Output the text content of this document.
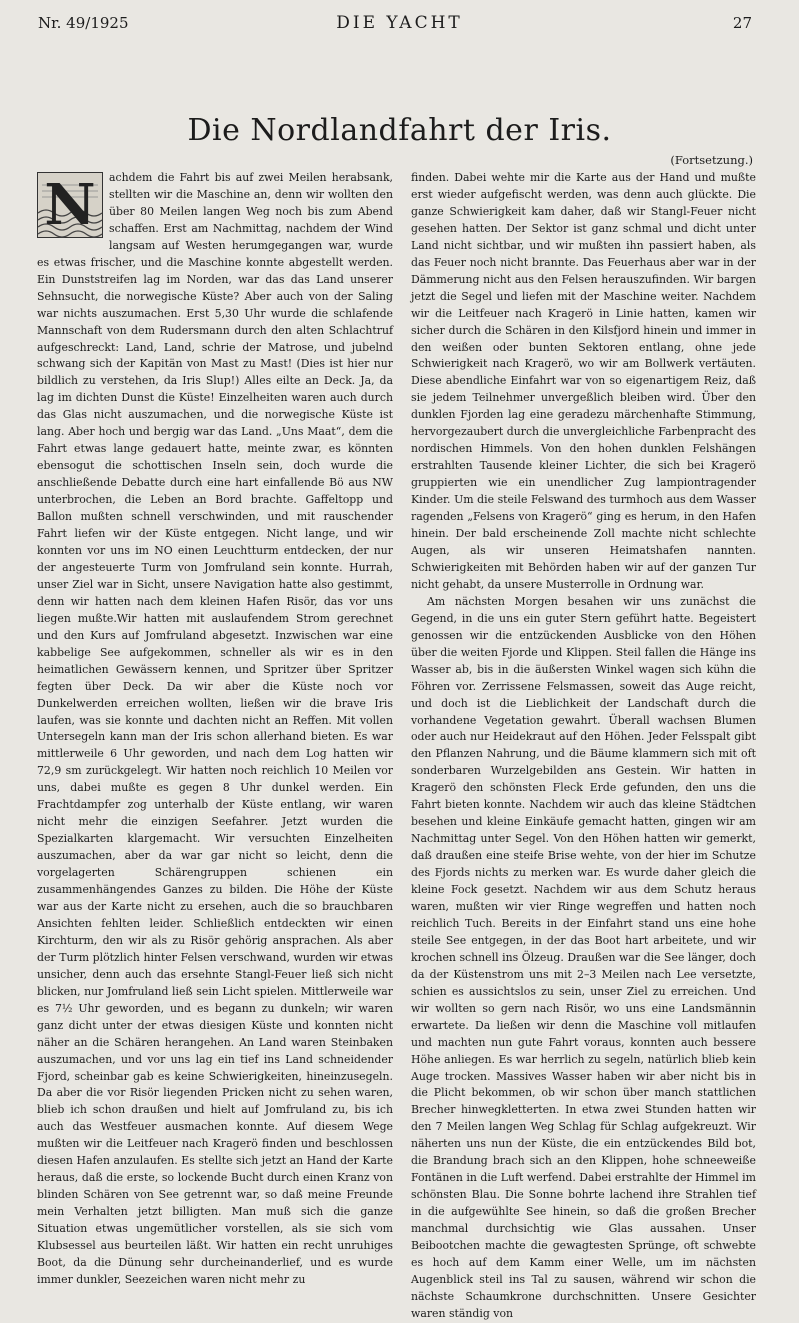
Nr. 49/1925	DIE YACHT	27
Die Nordlandfahrt der Iris.
(Fortsetzung.)
N	achdem die Fahrt bis auf zwei Meilen herabsank, stellten wir die Maschine an, denn wir wollten den über 80 Meilen langen Weg noch bis zum Abend schaffen. Erst am Nachmittag, nachdem der Wind langsam auf Westen herumgegangen war, wurde es etwas frischer, und die Maschine konnte abgestellt werden. Ein Dunststreifen lag im Norden, war das das Land unserer Sehnsucht, die norwegische Küste? Aber auch von der Saling war nichts auszumachen. Erst 5,30 Uhr wurde die schlafende Mannschaft von dem Rudersmann durch den alten Schlachtruf aufgeschreckt: Land, Land, schrie der Matrose, und jubelnd schwang sich der Kapitän von Mast zu Mast! (Dies ist hier nur bildlich zu verstehen, da Iris Slup!) Alles eilte an Deck. Ja, da lag im dichten Dunst die Küste! Einzelheiten waren auch durch das Glas nicht auszumachen, und die norwegische Küste ist lang. Aber hoch und bergig war das Land. „Uns Maat“, dem die Fahrt etwas lange gedauert hatte, meinte zwar, es könnten ebensogut die schottischen Inseln sein, doch wurde die anschließende Debatte durch eine hart einfallende Bö aus NW unterbrochen, die Leben an Bord brachte. Gaffeltopp und Ballon mußten schnell verschwinden, und mit rauschender Fahrt liefen wir der Küste entgegen. Nicht lange, und wir konnten vor uns im NO einen Leuchtturm entdecken, der nur der angesteuerte Turm von Jomfruland sein konnte. Hurrah, unser Ziel war in Sicht, unsere Navigation hatte also gestimmt, denn wir hatten nach dem kleinen Hafen Risör, das vor uns liegen mußte.Wir hatten mit auslaufendem Strom gerechnet und den Kurs auf Jomfruland abgesetzt. Inzwischen war eine kabbelige See aufgekommen, schneller als wir es in den heimatlichen Gewässern kennen, und Spritzer über Spritzer fegten über Deck. Da wir aber die Küste noch vor Dunkelwerden erreichen wollten, ließen wir die brave Iris laufen, was sie konnte und dachten nicht an Reffen. Mit vollen Untersegeln kann man der Iris schon allerhand bieten. Es war mittlerweile 6 Uhr geworden, und nach dem Log hatten wir 72,9 sm zurückgelegt. Wir hatten noch reichlich 10 Meilen vor uns, dabei mußte es gegen 8 Uhr dunkel werden. Ein Frachtdampfer zog unterhalb der Küste entlang, wir waren nicht mehr die einzigen Seefahrer. Jetzt wurden die Spezialkarten klargemacht. Wir versuchten Einzelheiten auszumachen, aber da war gar nicht so leicht, denn die vorgelagerten Schärengruppen schienen ein zusammenhängendes Ganzes zu bilden. Die Höhe der Küste war aus der Karte nicht zu ersehen, auch die so brauchbaren Ansichten fehlten leider. Schließlich entdeckten wir einen Kirchturm, den wir als zu Risör gehörig ansprachen. Als aber der Turm plötzlich hinter Felsen verschwand, wurden wir etwas unsicher, denn auch das ersehnte Stangl-Feuer ließ sich nicht blicken, nur Jomfruland ließ sein Licht spielen. Mittlerweile war es 7½ Uhr geworden, und es begann zu dunkeln; wir waren ganz dicht unter der etwas diesigen Küste und konnten nicht näher an die Schären herangehen. An Land waren Steinbaken auszumachen, und vor uns lag ein tief ins Land schneidender Fjord, scheinbar gab es keine Schwierigkeiten, hineinzusegeln. Da aber die vor Risör liegenden Pricken nicht zu sehen waren, blieb ich schon draußen und hielt auf Jomfruland zu, bis ich auch das Westfeuer ausmachen konnte. Auf diesem Wege mußten wir die Leitfeuer nach Kragerö finden und beschlossen diesen Hafen anzulaufen. Es stellte sich jetzt an Hand der Karte heraus, daß die erste, so lockende Bucht durch einen Kranz von blinden Schären von See getrennt war, so daß meine Freunde mein Verhalten jetzt billigten. Man muß sich die ganze Situation etwas ungemütlicher vorstellen, als sie sich vom Klubsessel aus beurteilen läßt. Wir hatten ein recht unruhiges Boot, da die Dünung sehr durcheinanderlief, und es wurde immer dunkler, Seezeichen waren nicht mehr zu

finden. Dabei wehte mir die Karte aus der Hand und mußte erst wieder aufgefischt werden, was denn auch glückte. Die ganze Schwierigkeit kam daher, daß wir Stangl-Feuer nicht gesehen hatten. Der Sektor ist ganz schmal und dicht unter Land nicht sichtbar, und wir mußten ihn passiert haben, als das Feuer noch nicht brannte. Das Feuerhaus aber war in der Dämmerung nicht aus den Felsen herauszufinden. Wir bargen jetzt die Segel und liefen mit der Maschine weiter. Nachdem wir die Leitfeuer nach Kragerö in Linie hatten, kamen wir sicher durch die Schären in den Kilsfjord hinein und immer in den weißen oder bunten Sektoren entlang, ohne jede Schwierigkeit nach Kragerö, wo wir am Bollwerk vertäuten. Diese abendliche Einfahrt war von so eigenartigem Reiz, daß sie jedem Teilnehmer unvergeßlich bleiben wird. Über den dunklen Fjorden lag eine geradezu märchenhafte Stimmung, hervorgezaubert durch die unvergleichliche Farbenpracht des nordischen Himmels. Von den hohen dunklen Felshängen erstrahlten Tausende kleiner Lichter, die sich bei Kragerö gruppierten wie ein unendlicher Zug lampiontragender Kinder. Um die steile Felswand des turmhoch aus dem Wasser ragenden „Felsens von Kragerö“ ging es herum, in den Hafen hinein. Der bald erscheinende Zoll machte nicht schlechte Augen, als wir unseren Heimatshafen nannten. Schwierigkeiten mit Behörden haben wir auf der ganzen Tur nicht gehabt, da unsere Musterrolle in Ordnung war.

Am nächsten Morgen besahen wir uns zunächst die Gegend, in die uns ein guter Stern geführt hatte. Begeistert genossen wir die entzückenden Ausblicke von den Höhen über die weiten Fjorde und Klippen. Steil fallen die Hänge ins Wasser ab, bis in die äußersten Winkel wagen sich kühn die Föhren vor. Zerrissene Felsmassen, soweit das Auge reicht, und doch ist die Lieblichkeit der Landschaft durch die vorhandene Vegetation gewahrt. Überall wachsen Blumen oder auch nur Heidekraut auf den Höhen. Jeder Felsspalt gibt den Pflanzen Nahrung, und die Bäume klammern sich mit oft sonderbaren Wurzelgebilden ans Gestein. Wir hatten in Kragerö den schönsten Fleck Erde gefunden, den uns die Fahrt bieten konnte. Nachdem wir auch das kleine Städtchen besehen und kleine Einkäufe gemacht hatten, gingen wir am Nachmittag unter Segel. Von den Höhen hatten wir gemerkt, daß draußen eine steife Brise wehte, von der hier im Schutze des Fjords nichts zu merken war. Es wurde daher gleich die kleine Fock gesetzt. Nachdem wir aus dem Schutz heraus waren, mußten wir vier Ringe wegreffen und hatten noch reichlich Tuch. Bereits in der Einfahrt stand uns eine hohe steile See entgegen, in der das Boot hart arbeitete, und wir krochen schnell ins Ölzeug. Draußen war die See länger, doch da der Küstenstrom uns mit 2–3 Meilen nach Lee versetzte, schien es aussichtslos zu sein, unser Ziel zu erreichen. Und wir wollten so gern nach Risör, wo uns eine Landsmännin erwartete. Da ließen wir denn die Maschine voll mitlaufen und machten nun gute Fahrt voraus, konnten auch bessere Höhe anliegen. Es war herrlich zu segeln, natürlich blieb kein Auge trocken. Massives Wasser haben wir aber nicht bis in die Plicht bekommen, ob wir schon über manch stattlichen Brecher hinwegkletterten. In etwa zwei Stunden hatten wir den 7 Meilen langen Weg Schlag für Schlag aufgekreuzt. Wir näherten uns nun der Küste, die ein entzückendes Bild bot, die Brandung brach sich an den Klippen, hohe schneeweiße Fontänen in die Luft werfend. Dabei erstrahlte der Himmel im schönsten Blau. Die Sonne bohrte lachend ihre Strahlen tief in die aufgewühlte See hinein, so daß die großen Brecher manchmal durchsichtig wie Glas aussahen. Unser Beibootchen machte die gewagtesten Sprünge, oft schwebte es hoch auf dem Kamm einer Welle, um im nächsten Augenblick steil ins Tal zu sausen, während wir schon die nächste Schaumkrone durchschnitten. Unsere Gesichter waren ständig von
